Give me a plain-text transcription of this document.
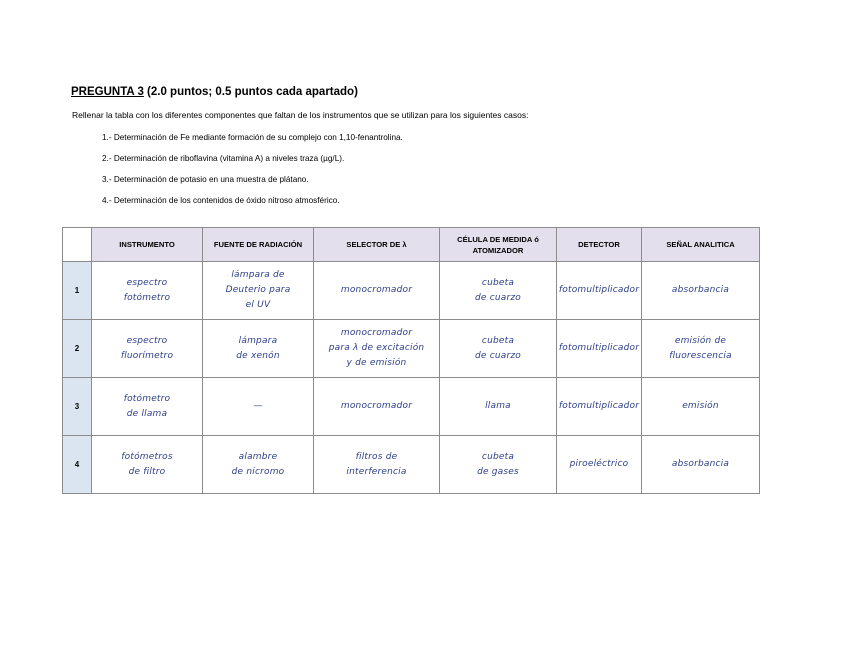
PREGUNTA 3 (2.0 puntos; 0.5 puntos cada apartado)
Rellenar la tabla con los diferentes componentes que faltan de los instrumentos que se utilizan para los siguientes casos:
1.- Determinación de Fe mediante formación de su complejo con 1,10-fenantrolina.
2.- Determinación de riboflavina (vitamina A) a niveles traza (µg/L).
3.- Determinación de potasio en una muestra de plátano.
4.- Determinación de los contenidos de óxido nitroso atmosférico.
	INSTRUMENTO	FUENTE DE RADIACIÓN	SELECTOR DE λ	CÉLULA DE MEDIDA ó ATOMIZADOR	DETECTOR	SEÑAL ANALITICA
1	espectro
fotómetro	lámpara de
Deuterio para
el UV	monocromador	cubeta
de cuarzo	fotomultiplicador	absorbancia
2	espectro
fluorímetro	lámpara
de xenón	monocromador
para λ de excitación
y de emisión	cubeta
de cuarzo	fotomultiplicador	emisión de
fluorescencia
3	fotómetro
de llama	—	monocromador	llama	fotomultiplicador	emisión
4	fotómetros
de filtro	alambre
de nicromo	filtros de
interferencia	cubeta
de gases	piroeléctrico	absorbancia
